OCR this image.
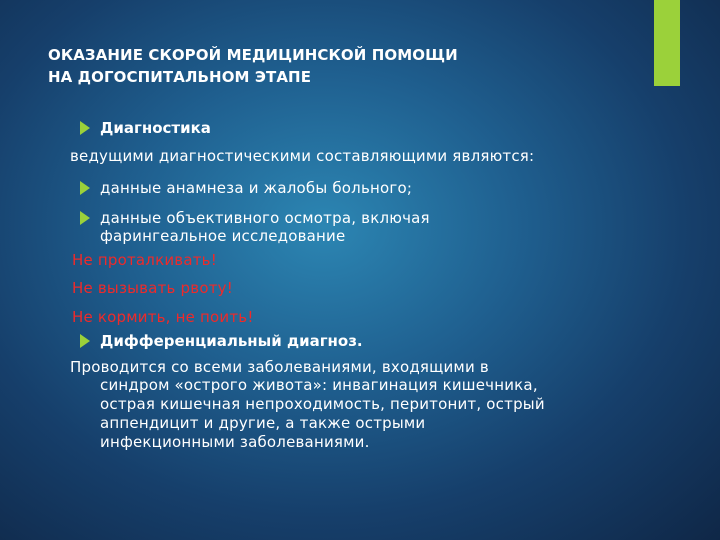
ОКАЗАНИЕ СКОРОЙ МЕДИЦИНСКОЙ ПОМОЩИ
НА ДОГОСПИТАЛЬНОМ ЭТАПЕ
Диагностика
ведущими диагностическими составляющими являются:
данные анамнеза и жалобы больного;
данные объективного осмотра, включая
фарингеальное исследование
Не проталкивать!
Не вызывать рвоту!
Не кормить, не поить!
Дифференциальный диагноз.
Проводится со всеми заболеваниями, входящими в
синдром «острого живота»: инвагинация кишечника,
острая кишечная непроходимость, перитонит, острый
аппендицит и другие, а также острыми
инфекционными заболеваниями.
